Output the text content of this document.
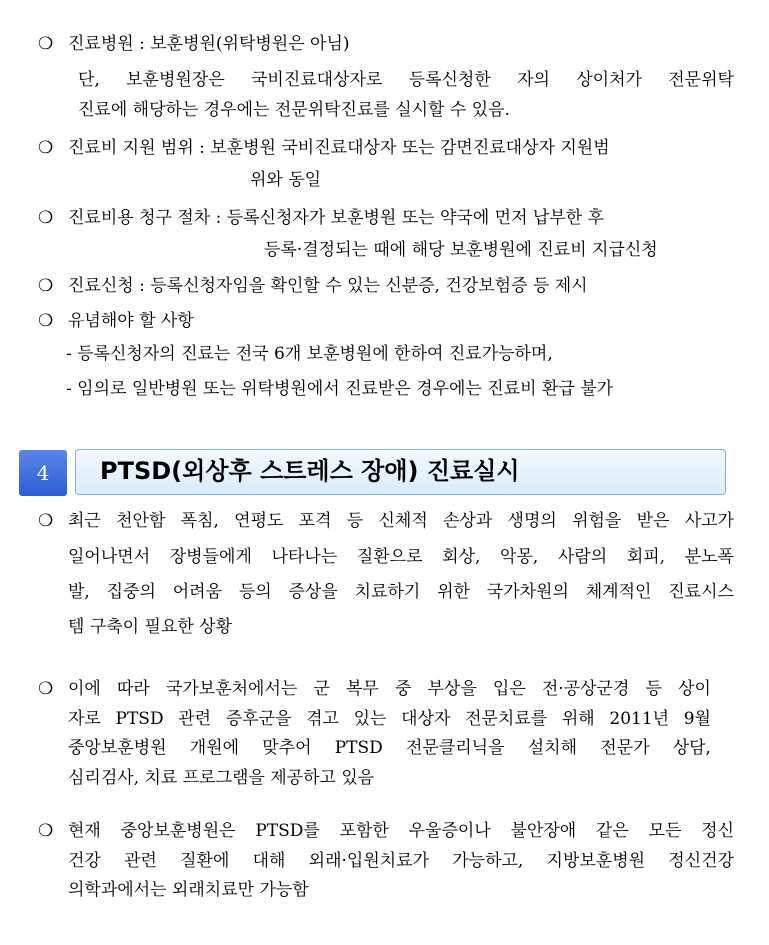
❍ 진료병원 : 보훈병원(위탁병원은 아님)
단, 보훈병원장은 국비진료대상자로 등록신청한 자의 상이처가 전문위탁
진료에 해당하는 경우에는 전문위탁진료를 실시할 수 있음.
❍ 진료비 지원 범위 : 보훈병원 국비진료대상자 또는 감면진료대상자 지원범
위와 동일
❍ 진료비용 청구 절차 : 등록신청자가 보훈병원 또는 약국에 먼저 납부한 후
등록·결정되는 때에 해당 보훈병원에 진료비 지급신청
❍ 진료신청 : 등록신청자임을 확인할 수 있는 신분증, 건강보험증 등 제시
❍ 유념해야 할 사항
- 등록신청자의 진료는 전국 6개 보훈병원에 한하여 진료가능하며,
- 임의로 일반병원 또는 위탁병원에서 진료받은 경우에는 진료비 환급 불가
4 PTSD(외상후 스트레스 장애) 진료실시
❍ 최근 천안함 폭침, 연평도 포격 등 신체적 손상과 생명의 위험을 받은 사고가
일어나면서 장병들에게 나타나는 질환으로 회상, 악몽, 사람의 회피, 분노폭
발, 집중의 어려움 등의 증상을 치료하기 위한 국가차원의 체계적인 진료시스
템 구축이 필요한 상황
❍ 이에 따라 국가보훈처에서는 군 복무 중 부상을 입은 전·공상군경 등 상이
자로 PTSD 관련 증후군을 겪고 있는 대상자 전문치료를 위해 2011년 9월
중앙보훈병원 개원에 맞추어 PTSD 전문클리닉을 설치해 전문가 상담,
심리검사, 치료 프로그램을 제공하고 있음
❍ 현재 중앙보훈병원은 PTSD를 포함한 우울증이나 불안장애 같은 모든 정신
건강 관련 질환에 대해 외래·입원치료가 가능하고, 지방보훈병원 정신건강
의학과에서는 외래치료만 가능함
